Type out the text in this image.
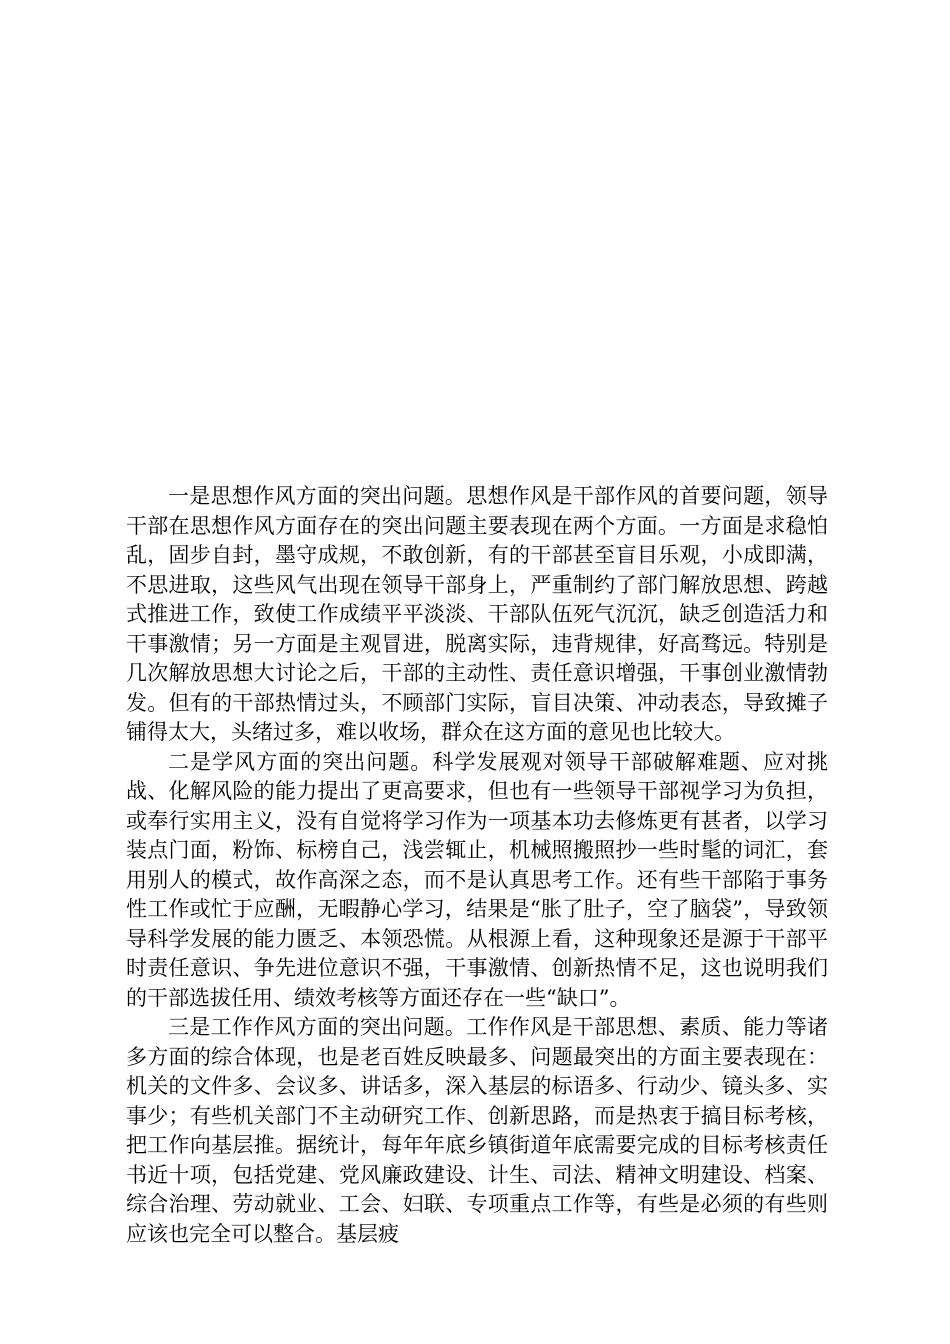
一是思想作风方面的突出问题。思想作风是干部作风的首要问题，领导干部在思想作风方面存在的突出问题主要表现在两个方面。一方面是求稳怕乱，固步自封，墨守成规，不敢创新，有的干部甚至盲目乐观，小成即满，不思进取，这些风气出现在领导干部身上，严重制约了部门解放思想、跨越式推进工作，致使工作成绩平平淡淡、干部队伍死气沉沉，缺乏创造活力和干事激情；另一方面是主观冒进，脱离实际，违背规律，好高骛远。特别是几次解放思想大讨论之后，干部的主动性、责任意识增强，干事创业激情勃发。但有的干部热情过头，不顾部门实际，盲目决策、冲动表态，导致摊子铺得太大，头绪过多，难以收场，群众在这方面的意见也比较大。

二是学风方面的突出问题。科学发展观对领导干部破解难题、应对挑战、化解风险的能力提出了更高要求，但也有一些领导干部视学习为负担，或奉行实用主义，没有自觉将学习作为一项基本功去修炼更有甚者，以学习装点门面，粉饰、标榜自己，浅尝辄止，机械照搬照抄一些时髦的词汇，套用别人的模式，故作高深之态，而不是认真思考工作。还有些干部陷于事务性工作或忙于应酬，无暇静心学习，结果是“胀了肚子，空了脑袋”，导致领导科学发展的能力匮乏、本领恐慌。从根源上看，这种现象还是源于干部平时责任意识、争先进位意识不强，干事激情、创新热情不足，这也说明我们的干部选拔任用、绩效考核等方面还存在一些“缺口”。

三是工作作风方面的突出问题。工作作风是干部思想、素质、能力等诸多方面的综合体现，也是老百姓反映最多、问题最突出的方面主要表现在：机关的文件多、会议多、讲话多，深入基层的标语多、行动少、镜头多、实事少；有些机关部门不主动研究工作、创新思路，而是热衷于搞目标考核，把工作向基层推。据统计，每年年底乡镇街道年底需要完成的目标考核责任书近十项，包括党建、党风廉政建设、计生、司法、精神文明建设、档案、综合治理、劳动就业、工会、妇联、专项重点工作等，有些是必须的有些则应该也完全可以整合。基层疲
